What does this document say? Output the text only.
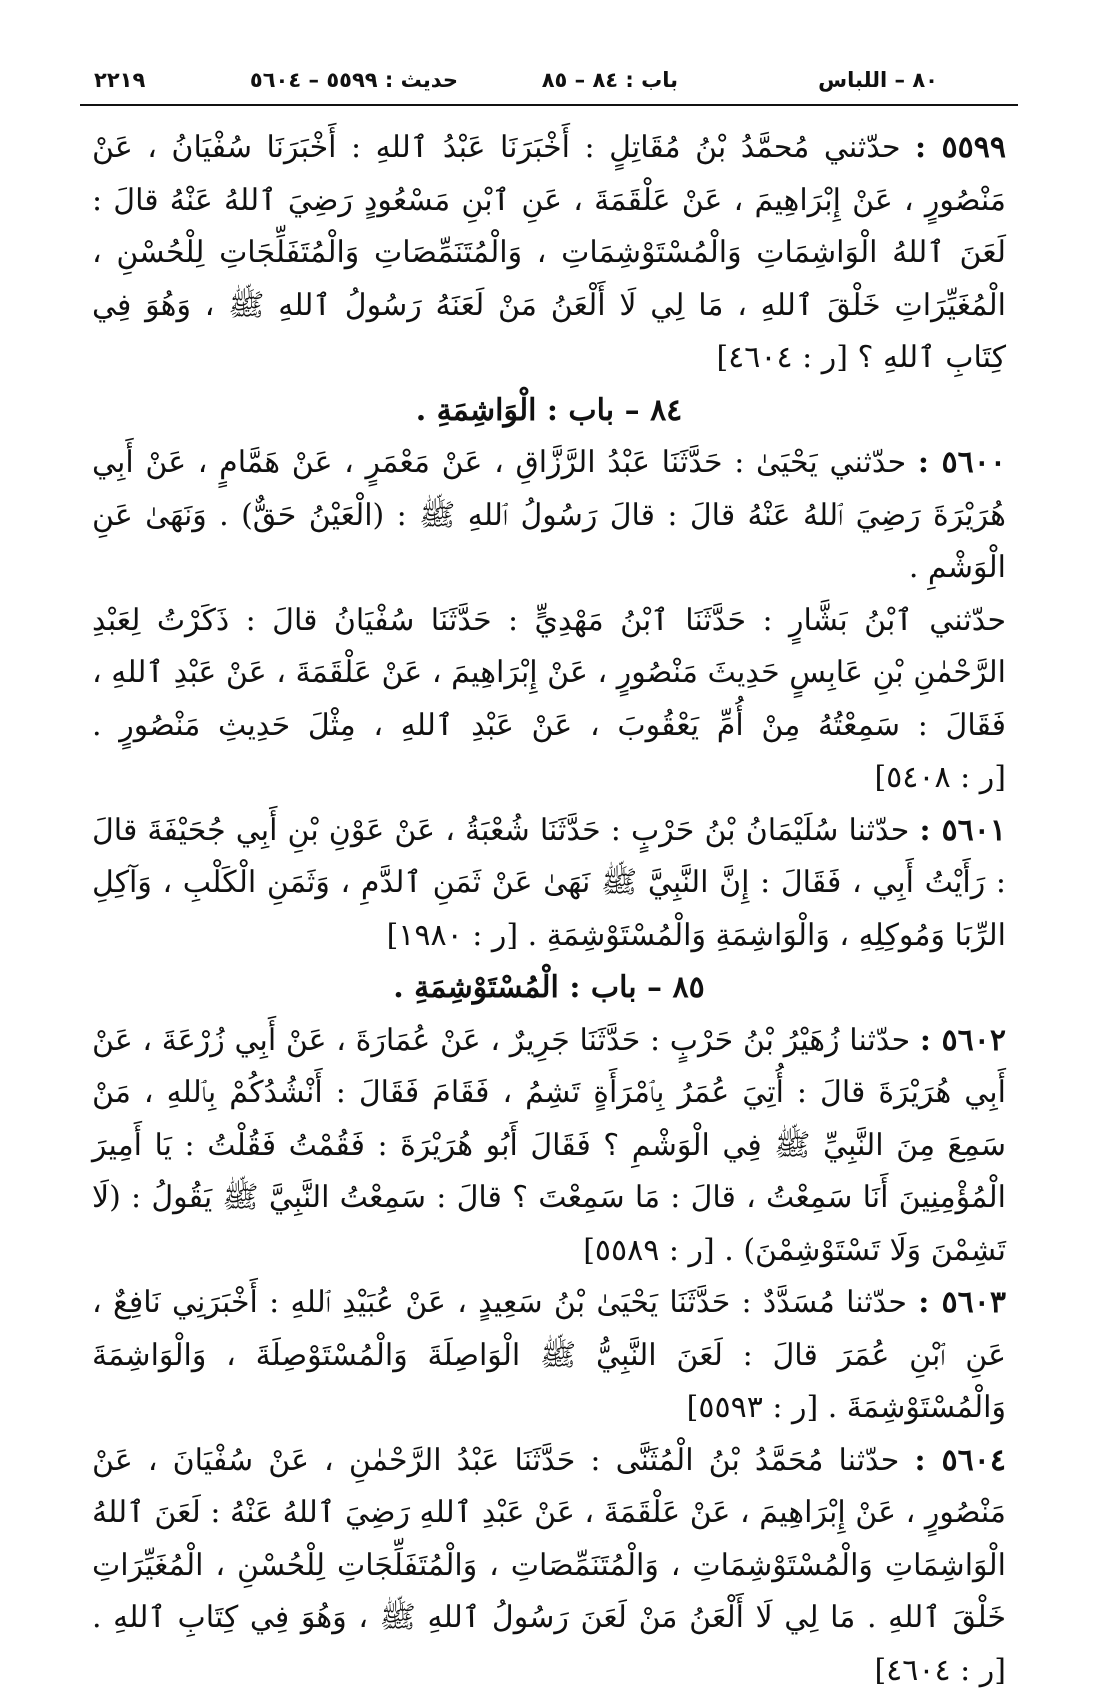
٨٠ – اللباس
باب : ٨٤ – ٨٥
حديث : ٥٥٩٩ – ٥٦٠٤
٢٢١٩

٥٥٩٩ : حدّثني مُحمَّدُ بْنُ مُقَاتِلٍ : أَخْبَرَنَا عَبْدُ ٱللهِ : أَخْبَرَنَا سُفْيَانُ ، عَنْ مَنْصُورٍ ، عَنْ إِبْرَاهِيمَ ، عَنْ عَلْقَمَةَ ، عَنِ ٱبْنِ مَسْعُودٍ رَضِيَ ٱللهُ عَنْهُ قالَ : لَعَنَ ٱللهُ الْوَاشِمَاتِ وَالْمُسْتَوْشِمَاتِ ، وَالْمُتَنَمِّصَاتِ وَالْمُتَفَلِّجَاتِ لِلْحُسْنِ ، الْمُغَيِّرَاتِ خَلْقَ ٱللهِ ، مَا لِي لَا أَلْعَنُ مَنْ لَعَنَهُ رَسُولُ ٱللهِ ﷺ ، وَهُوَ فِي كِتَابِ ٱللهِ ؟ [ر : ٤٦٠٤]

٨٤ – باب : الْوَاشِمَةِ .

٥٦٠٠ : حدّثني يَحْيَىٰ : حَدَّثَنَا عَبْدُ الرَّزَّاقِ ، عَنْ مَعْمَرٍ ، عَنْ هَمَّامٍ ، عَنْ أَبِي هُرَيْرَةَ رَضِيَ ٱللهُ عَنْهُ قالَ : قالَ رَسُولُ ٱللهِ ﷺ : (الْعَيْنُ حَقٌّ) . وَنَهَىٰ عَنِ الْوَشْمِ .

حدّثني ٱبْنُ بَشَّارٍ : حَدَّثَنَا ٱبْنُ مَهْدِيٍّ : حَدَّثَنَا سُفْيَانُ قالَ : ذَكَرْتُ لِعَبْدِ الرَّحْمٰنِ بْنِ عَابِسٍ حَدِيثَ مَنْصُورٍ ، عَنْ إِبْرَاهِيمَ ، عَنْ عَلْقَمَةَ ، عَنْ عَبْدِ ٱللهِ ، فَقَالَ : سَمِعْتُهُ مِنْ أُمِّ يَعْقُوبَ ، عَنْ عَبْدِ ٱللهِ ، مِثْلَ حَدِيثِ مَنْصُورٍ . [ر : ٥٤٠٨]

٥٦٠١ : حدّثنا سُلَيْمَانُ بْنُ حَرْبٍ : حَدَّثَنَا شُعْبَةُ ، عَنْ عَوْنِ بْنِ أَبِي جُحَيْفَةَ قالَ : رَأَيْتُ أَبِي ، فَقَالَ : إِنَّ النَّبِيَّ ﷺ نَهَىٰ عَنْ ثَمَنِ ٱلدَّمِ ، وَثَمَنِ الْكَلْبِ ، وَآكِلِ الرِّبَا وَمُوكِلِهِ ، وَالْوَاشِمَةِ وَالْمُسْتَوْشِمَةِ . [ر : ١٩٨٠]

٨٥ – باب : الْمُسْتَوْشِمَةِ .

٥٦٠٢ : حدّثنا زُهَيْرُ بْنُ حَرْبٍ : حَدَّثَنَا جَرِيرٌ ، عَنْ عُمَارَةَ ، عَنْ أَبِي زُرْعَةَ ، عَنْ أَبِي هُرَيْرَةَ قالَ : أُتِيَ عُمَرُ بِٱمْرَأَةٍ تَشِمُ ، فَقَامَ فَقَالَ : أَنْشُدُكُمْ بِٱللهِ ، مَنْ سَمِعَ مِنَ النَّبِيِّ ﷺ فِي الْوَشْمِ ؟ فَقَالَ أَبُو هُرَيْرَةَ : فَقُمْتُ فَقُلْتُ : يَا أَمِيرَ الْمُؤْمِنِينَ أَنَا سَمِعْتُ ، قالَ : مَا سَمِعْتَ ؟ قالَ : سَمِعْتُ النَّبِيَّ ﷺ يَقُولُ : (لَا تَشِمْنَ وَلَا تَسْتَوْشِمْنَ) . [ر : ٥٥٨٩]

٥٦٠٣ : حدّثنا مُسَدَّدٌ : حَدَّثَنَا يَحْيَىٰ بْنُ سَعِيدٍ ، عَنْ عُبَيْدِ ٱللهِ : أَخْبَرَنِي نَافِعٌ ، عَنِ ٱبْنِ عُمَرَ قالَ : لَعَنَ النَّبِيُّ ﷺ الْوَاصِلَةَ وَالْمُسْتَوْصِلَةَ ، وَالْوَاشِمَةَ وَالْمُسْتَوْشِمَةَ . [ر : ٥٥٩٣]

٥٦٠٤ : حدّثنا مُحَمَّدُ بْنُ الْمُثَنَّى : حَدَّثَنَا عَبْدُ الرَّحْمٰنِ ، عَنْ سُفْيَانَ ، عَنْ مَنْصُورٍ ، عَنْ إِبْرَاهِيمَ ، عَنْ عَلْقَمَةَ ، عَنْ عَبْدِ ٱللهِ رَضِيَ ٱللهُ عَنْهُ : لَعَنَ ٱللهُ الْوَاشِمَاتِ وَالْمُسْتَوْشِمَاتِ ، وَالْمُتَنَمِّصَاتِ ، وَالْمُتَفَلِّجَاتِ لِلْحُسْنِ ، الْمُغَيِّرَاتِ خَلْقَ ٱللهِ . مَا لِي لَا أَلْعَنُ مَنْ لَعَنَ رَسُولُ ٱللهِ ﷺ ، وَهُوَ فِي كِتَابِ ٱللهِ . [ر : ٤٦٠٤]
